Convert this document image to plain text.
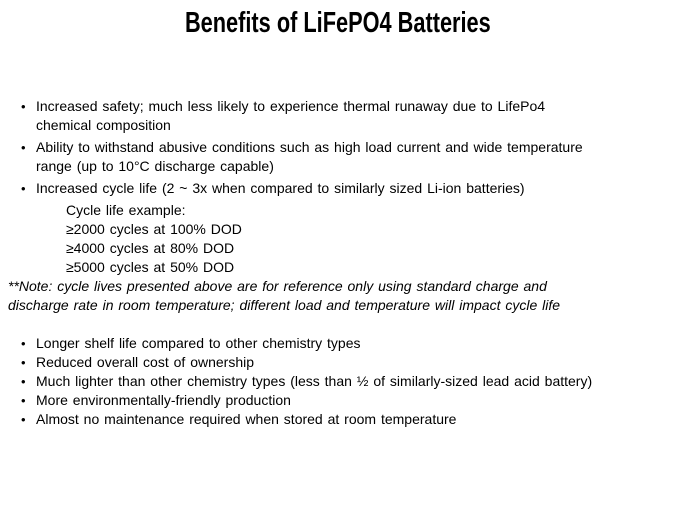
Benefits of LiFePO4 Batteries
• Increased safety; much less likely to experience thermal runaway due to LifePo4
chemical composition
• Ability to withstand abusive conditions such as high load current and wide temperature
range (up to 10°C discharge capable)
• Increased cycle life (2 ~ 3x when compared to similarly sized Li-ion batteries)
Cycle life example:
≥2000 cycles at 100% DOD
≥4000 cycles at 80% DOD
≥5000 cycles at 50% DOD
**Note: cycle lives presented above are for reference only using standard charge and
discharge rate in room temperature; different load and temperature will impact cycle life
• Longer shelf life compared to other chemistry types
• Reduced overall cost of ownership
• Much lighter than other chemistry types (less than ½ of similarly-sized lead acid battery)
• More environmentally-friendly production
• Almost no maintenance required when stored at room temperature
